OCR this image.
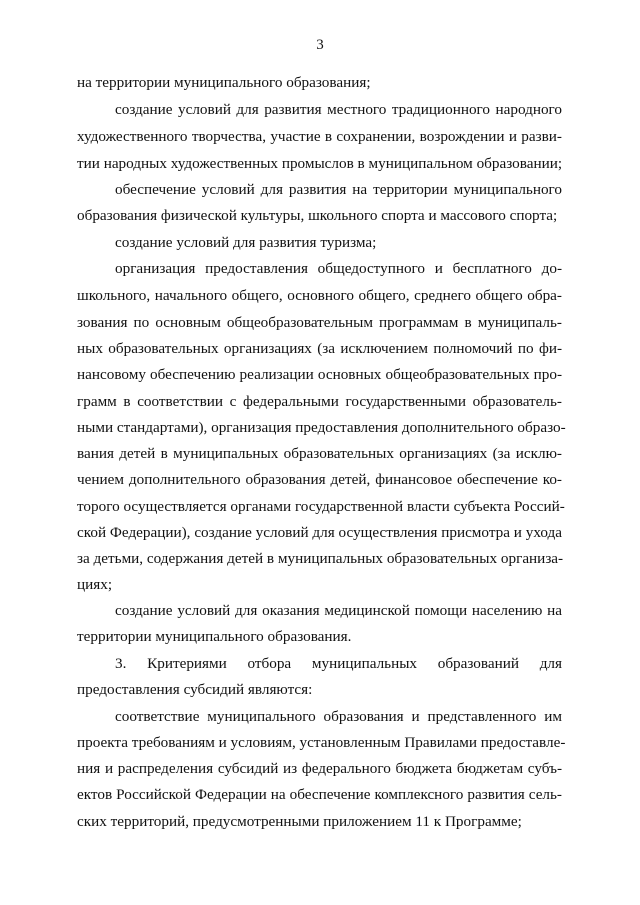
3
на территории муниципального образования;
создание условий для развития местного традиционного народного
художественного творчества, участие в сохранении, возрождении и разви-
тии народных художественных промыслов в муниципальном образовании;
обеспечение условий для развития на территории муниципального
образования физической культуры, школьного спорта и массового спорта;
создание условий для развития туризма;
организация предоставления общедоступного и бесплатного до-
школьного, начального общего, основного общего, среднего общего обра-
зования по основным общеобразовательным программам в муниципаль-
ных образовательных организациях (за исключением полномочий по фи-
нансовому обеспечению реализации основных общеобразовательных про-
грамм в соответствии с федеральными государственными образователь-
ными стандартами), организация предоставления дополнительного образо-
вания детей в муниципальных образовательных организациях (за исклю-
чением дополнительного образования детей, финансовое обеспечение ко-
торого осуществляется органами государственной власти субъекта Россий-
ской Федерации), создание условий для осуществления присмотра и ухода
за детьми, содержания детей в муниципальных образовательных организа-
циях;
создание условий для оказания медицинской помощи населению на
территории муниципального образования.
3. Критериями отбора муниципальных образований для
предоставления субсидий являются:
соответствие муниципального образования и представленного им
проекта требованиям и условиям, установленным Правилами предоставле-
ния и распределения субсидий из федерального бюджета бюджетам субъ-
ектов Российской Федерации на обеспечение комплексного развития сель-
ских территорий, предусмотренными приложением 11 к Программе;
